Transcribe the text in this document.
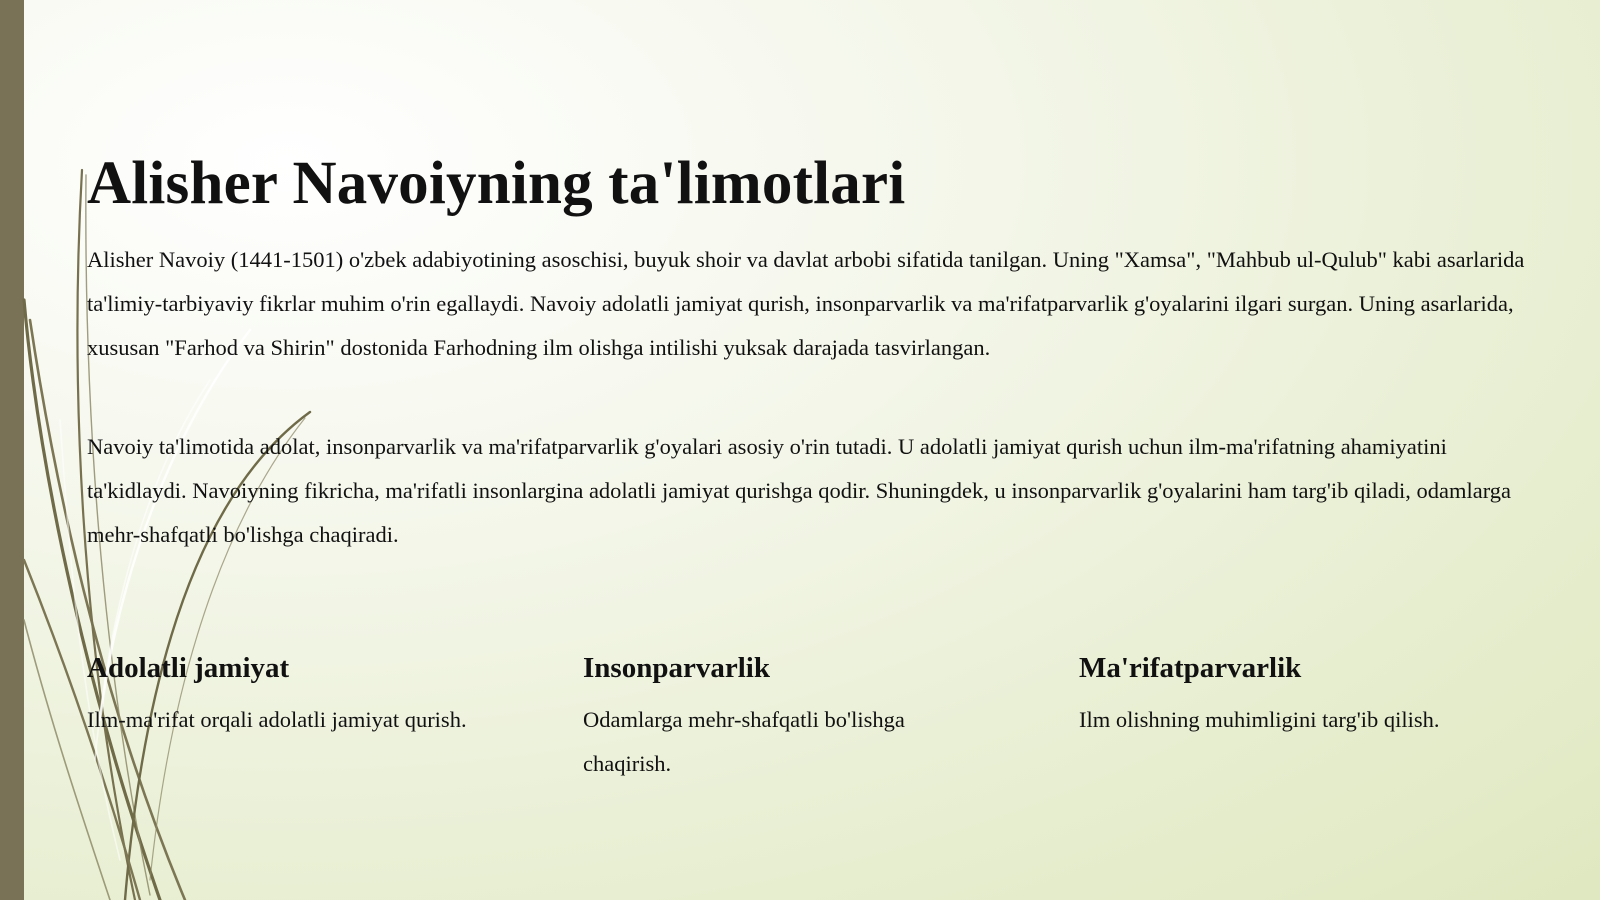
Alisher Navoiyning ta'limotlari

Alisher Navoiy (1441-1501) o'zbek adabiyotining asoschisi, buyuk shoir va davlat arbobi sifatida tanilgan. Uning "Xamsa", "Mahbub ul-Qulub" kabi asarlarida ta'limiy-tarbiyaviy fikrlar muhim o'rin egallaydi. Navoiy adolatli jamiyat qurish, insonparvarlik va ma'rifatparvarlik g'oyalarini ilgari surgan. Uning asarlarida, xususan "Farhod va Shirin" dostonida Farhodning ilm olishga intilishi yuksak darajada tasvirlangan.

Navoiy ta'limotida adolat, insonparvarlik va ma'rifatparvarlik g'oyalari asosiy o'rin tutadi. U adolatli jamiyat qurish uchun ilm-ma'rifatning ahamiyatini ta'kidlaydi. Navoiyning fikricha, ma'rifatli insonlargina adolatli jamiyat qurishga qodir. Shuningdek, u insonparvarlik g'oyalarini ham targ'ib qiladi, odamlarga mehr-shafqatli bo'lishga chaqiradi.

Adolatli jamiyat

Ilm-ma'rifat orqali adolatli jamiyat qurish.

Insonparvarlik

Odamlarga mehr-shafqatli bo'lishga chaqirish.

Ma'rifatparvarlik

Ilm olishning muhimligini targ'ib qilish.
